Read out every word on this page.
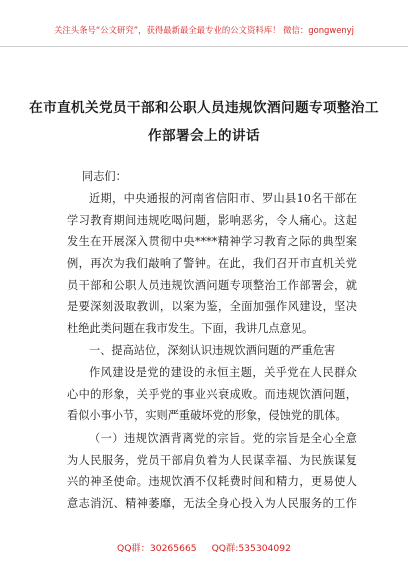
关注头条号“公文研究”，获得最新最全最专业的公文资料库！ 微信：gongwenyj
在市直机关党员干部和公职人员违规饮酒问题专项整治工
作部署会上的讲话
同志们：
近期，中央通报的河南省信阳市、罗山县10名干部在
学习教育期间违规吃喝问题，影响恶劣，令人痛心。这起
发生在开展深入贯彻中央****精神学习教育之际的典型案
例，再次为我们敲响了警钟。在此，我们召开市直机关党
员干部和公职人员违规饮酒问题专项整治工作部署会，就
是要深刻汲取教训，以案为鉴，全面加强作风建设，坚决
杜绝此类问题在我市发生。下面，我讲几点意见。
一、提高站位，深刻认识违规饮酒问题的严重危害
作风建设是党的建设的永恒主题，关乎党在人民群众
心中的形象，关乎党的事业兴衰成败。而违规饮酒问题，
看似小事小节，实则严重破坏党的形象，侵蚀党的肌体。
（一）违规饮酒背离党的宗旨。党的宗旨是全心全意
为人民服务，党员干部肩负着为人民谋幸福、为民族谋复
兴的神圣使命。违规饮酒不仅耗费时间和精力，更易使人
意志消沉、精神萎靡，无法全身心投入为人民服务的工作
QQ群：30265665 QQ群:535304092
